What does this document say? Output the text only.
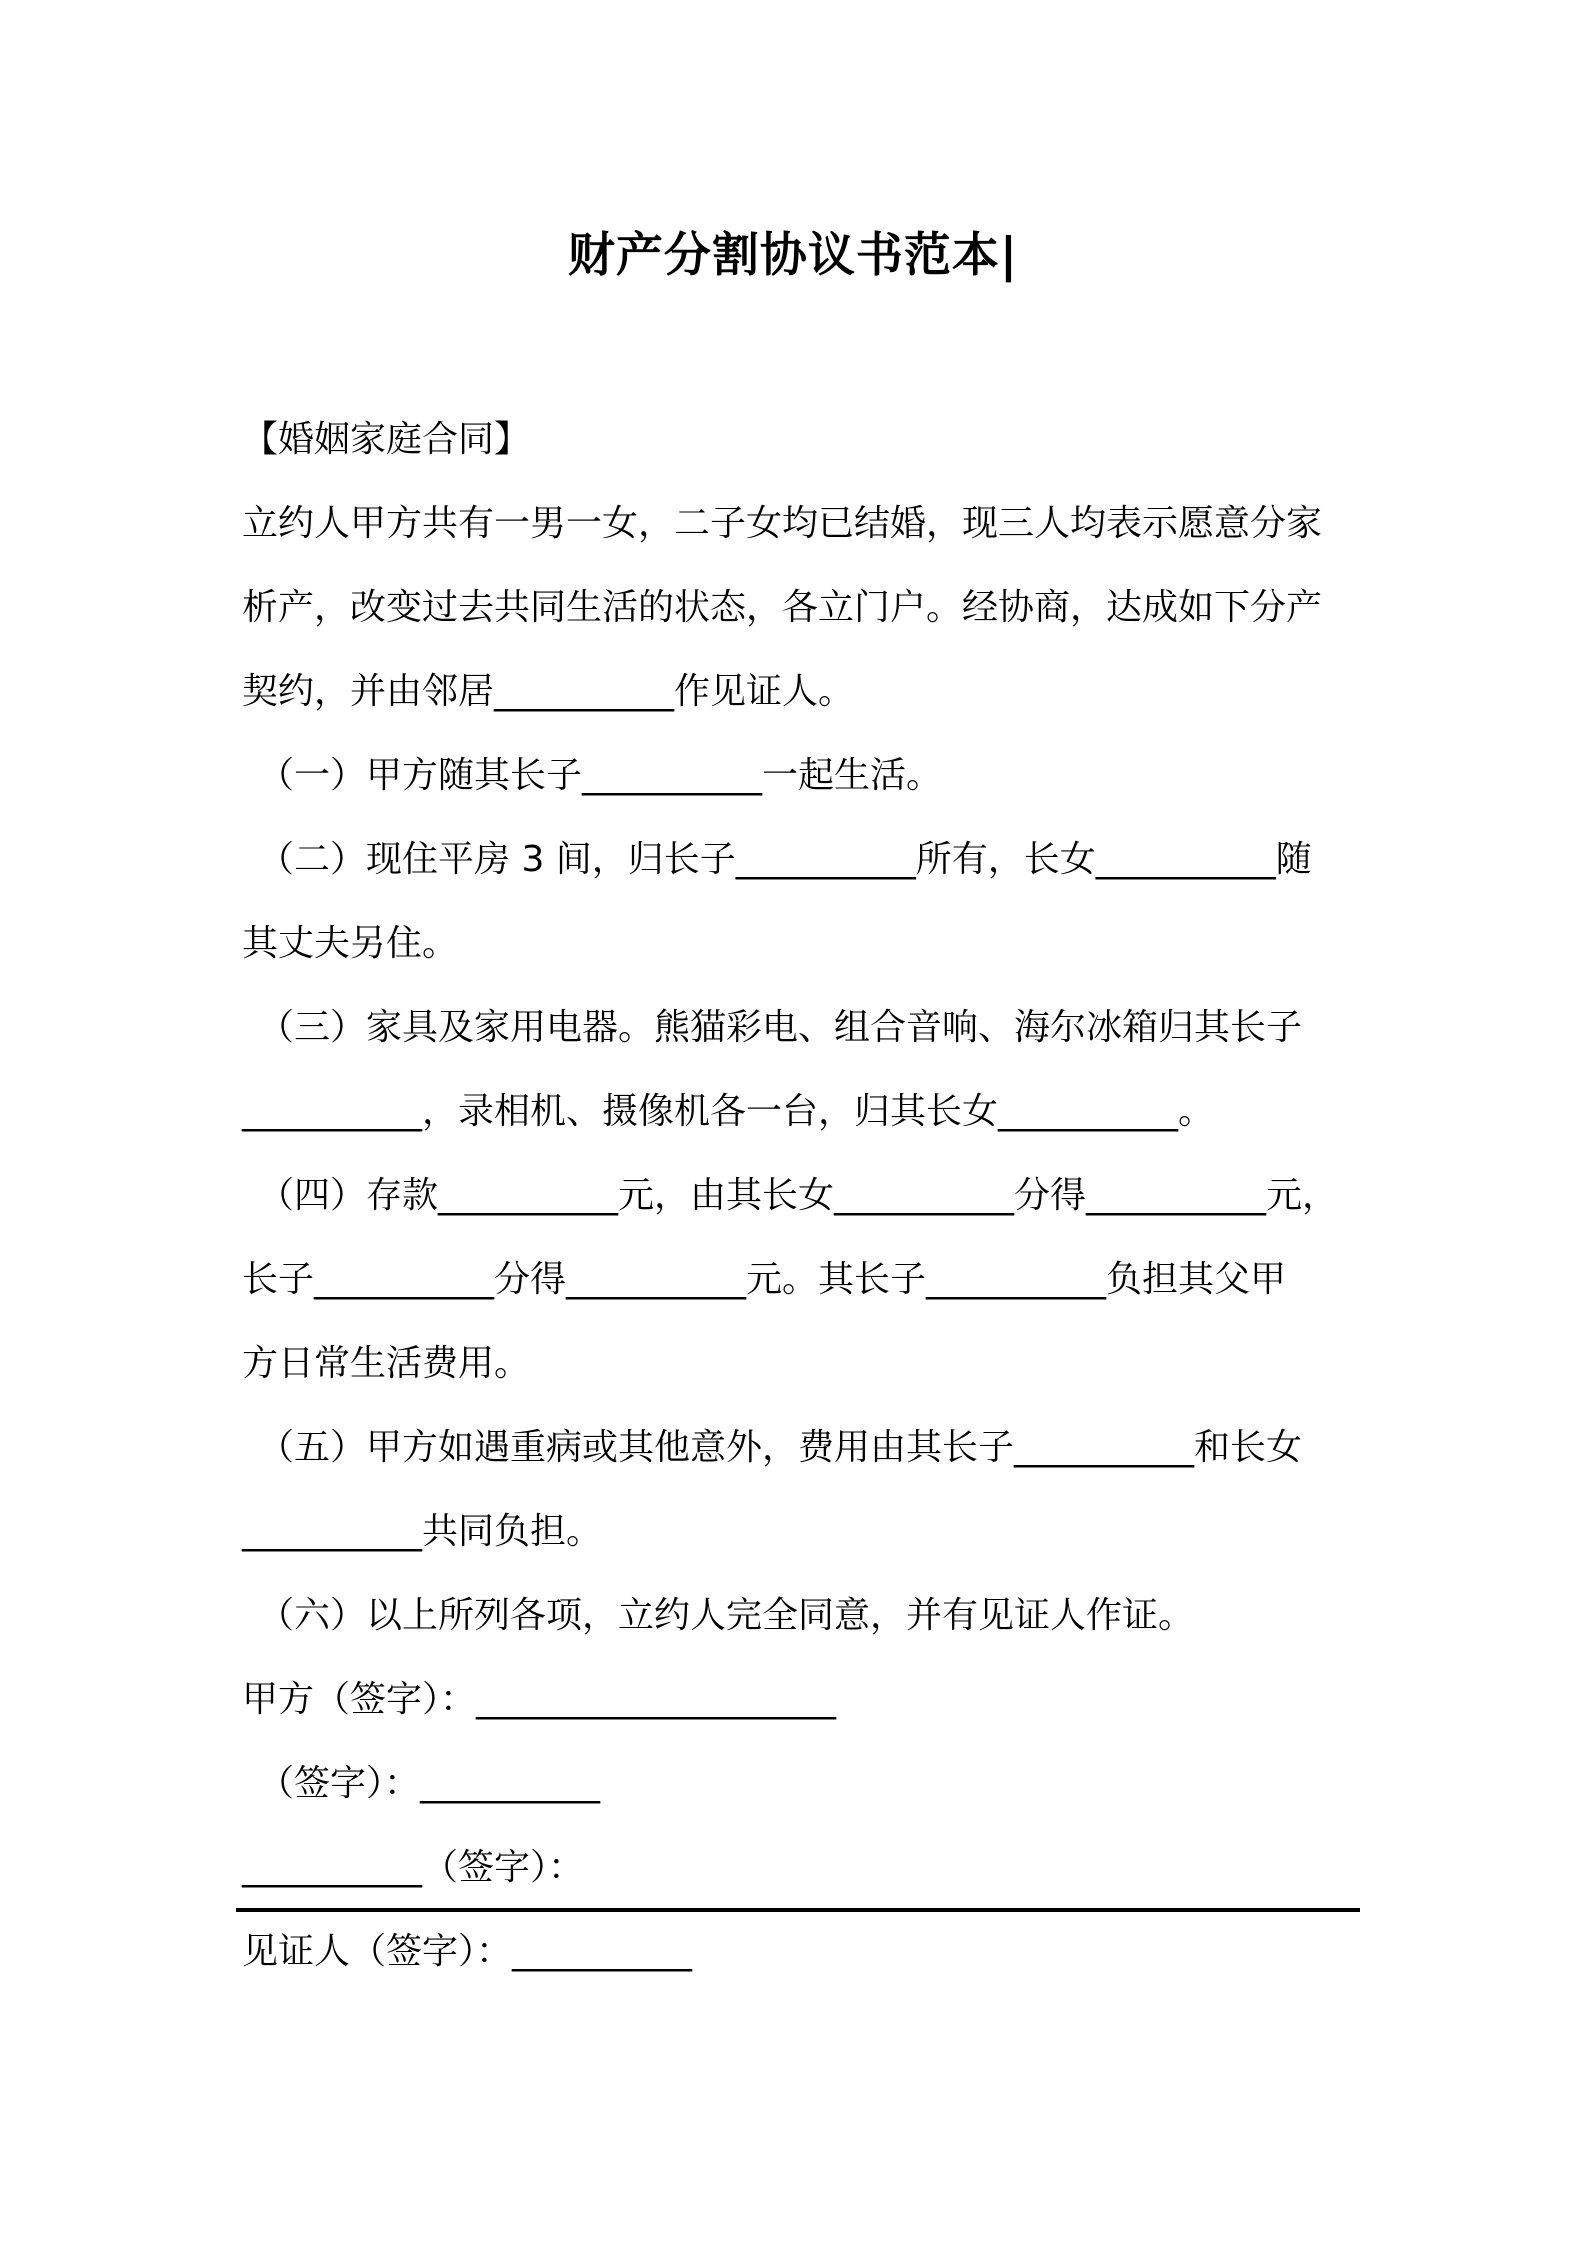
财产分割协议书范本|
【婚姻家庭合同】
立约人甲方共有一男一女，二子女均已结婚，现三人均表示愿意分家
析产，改变过去共同生活的状态，各立门户。经协商，达成如下分产
契约，并由邻居__________作见证人。
（一）甲方随其长子__________一起生活。
（二）现住平房 3 间，归长子__________所有，长女__________随
其丈夫另住。
（三）家具及家用电器。熊猫彩电、组合音响、海尔冰箱归其长子
__________，录相机、摄像机各一台，归其长女__________。
（四）存款__________元，由其长女__________分得__________元，
长子__________分得__________元。其长子__________负担其父甲
方日常生活费用。
（五）甲方如遇重病或其他意外，费用由其长子__________和长女
__________共同负担。
（六）以上所列各项，立约人完全同意，并有见证人作证。
甲方（签字）：____________________
（签字）：__________
__________（签字）：
见证人（签字）：__________
